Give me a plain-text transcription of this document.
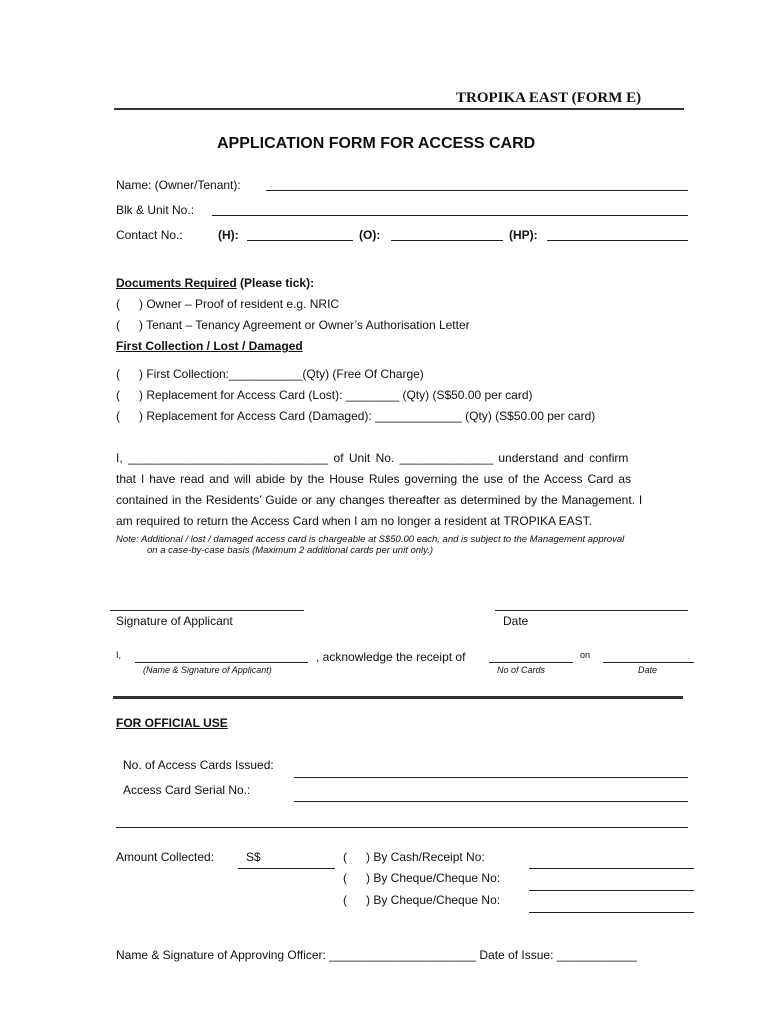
TROPIKA EAST (FORM E)
APPLICATION FORM FOR ACCESS CARD
Name: (Owner/Tenant):
Blk & Unit No.:
Contact No.:	(H):	(O):	(HP):
Documents Required (Please tick):
( ) Owner – Proof of resident e.g. NRIC
( ) Tenant – Tenancy Agreement or Owner’s Authorisation Letter
First Collection / Lost / Damaged
( ) First Collection:___________(Qty) (Free Of Charge)
( ) Replacement for Access Card (Lost): ________ (Qty) (S$50.00 per card)
( ) Replacement for Access Card (Damaged): _____________ (Qty) (S$50.00 per card)
I, ______________________________ of Unit No. ______________ understand and confirm
that I have read and will abide by the House Rules governing the use of the Access Card as
contained in the Residents’ Guide or any changes thereafter as determined by the Management. I
am required to return the Access Card when I am no longer a resident at TROPIKA EAST.
Note: Additional / lost / damaged access card is chargeable at S$50.00 each, and is subject to the Management approval
on a case-by-case basis (Maximum 2 additional cards per unit only.)
Signature of Applicant	Date
I,	, acknowledge the receipt of	on
(Name & Signature of Applicant)	No of Cards	Date
FOR OFFICIAL USE
No. of Access Cards Issued:
Access Card Serial No.:
Amount Collected:	S$	( ) By Cash/Receipt No:
( ) By Cheque/Cheque No:
( ) By Cheque/Cheque No:
Name & Signature of Approving Officer: ______________________ Date of Issue: ____________
